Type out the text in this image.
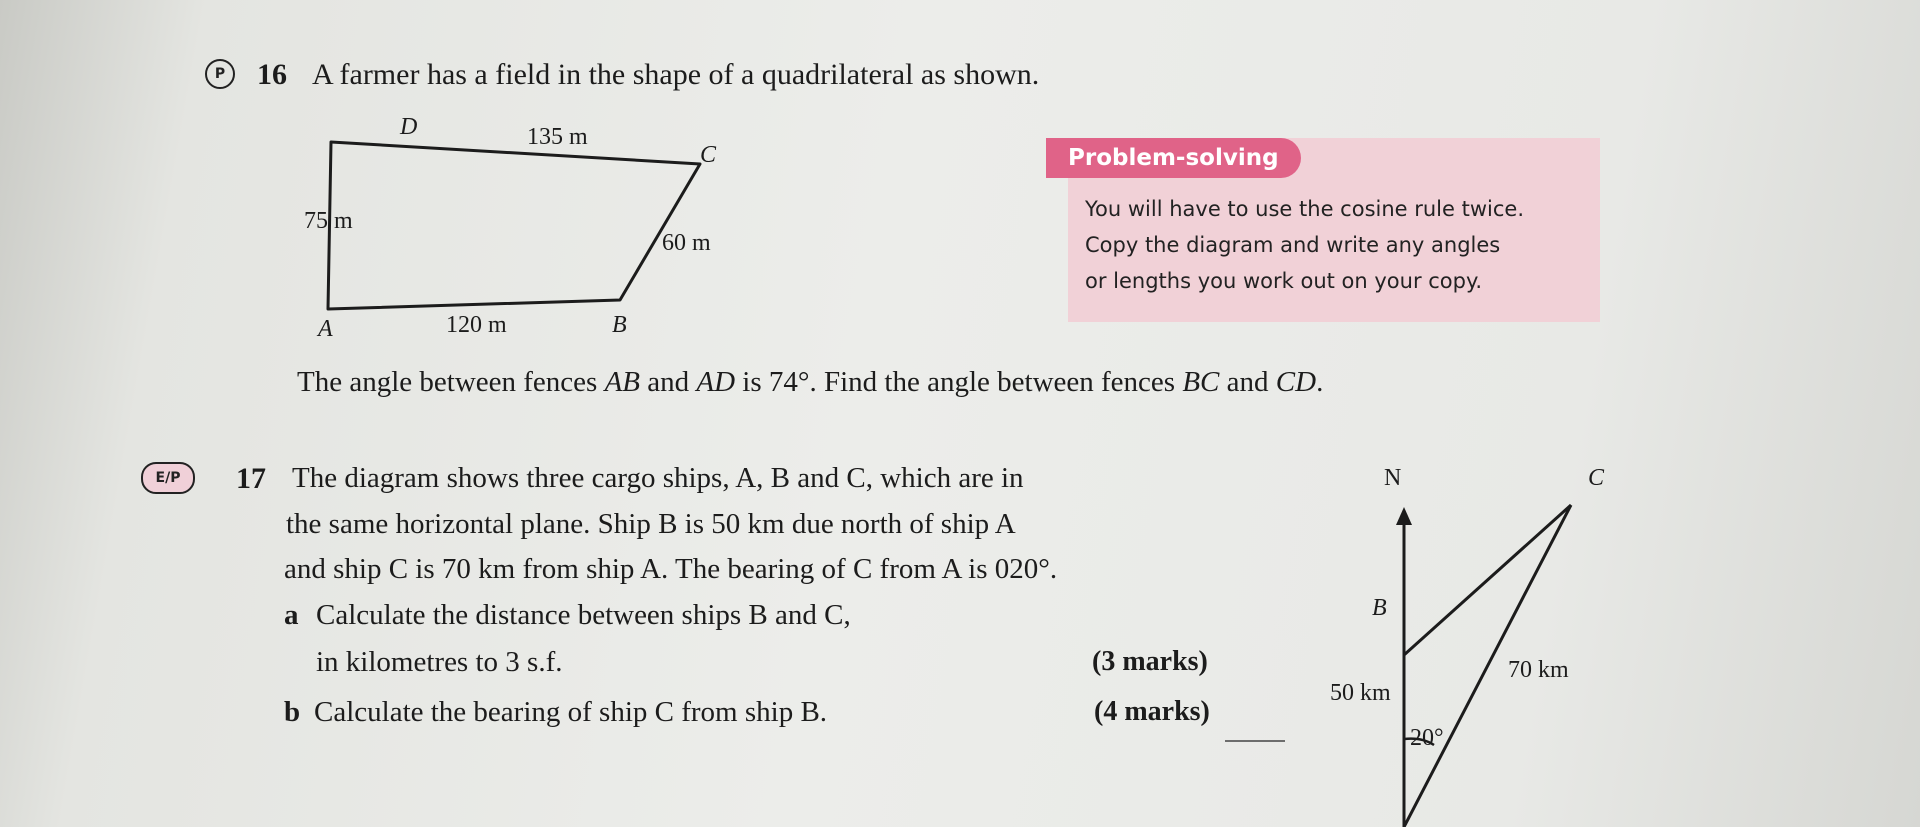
P	16 A farmer has a field in the shape of a quadrilateral as shown.
D	135 m
C
75 m
60 m
A	120 m	B
Problem-solving
You will have to use the cosine rule twice.
Copy the diagram and write any angles
or lengths you work out on your copy.
The angle between fences AB and AD is 74°. Find the angle between fences BC and CD.
E/P	17 The diagram shows three cargo ships, A, B and C, which are in
the same horizontal plane. Ship B is 50 km due north of ship A
and ship C is 70 km from ship A. The bearing of C from A is 020°.
a Calculate the distance between ships B and C,
in kilometres to 3 s.f.	(3 marks)
b Calculate the bearing of ship C from ship B.	(4 marks)
N	C
B
70 km
50 km
20°
